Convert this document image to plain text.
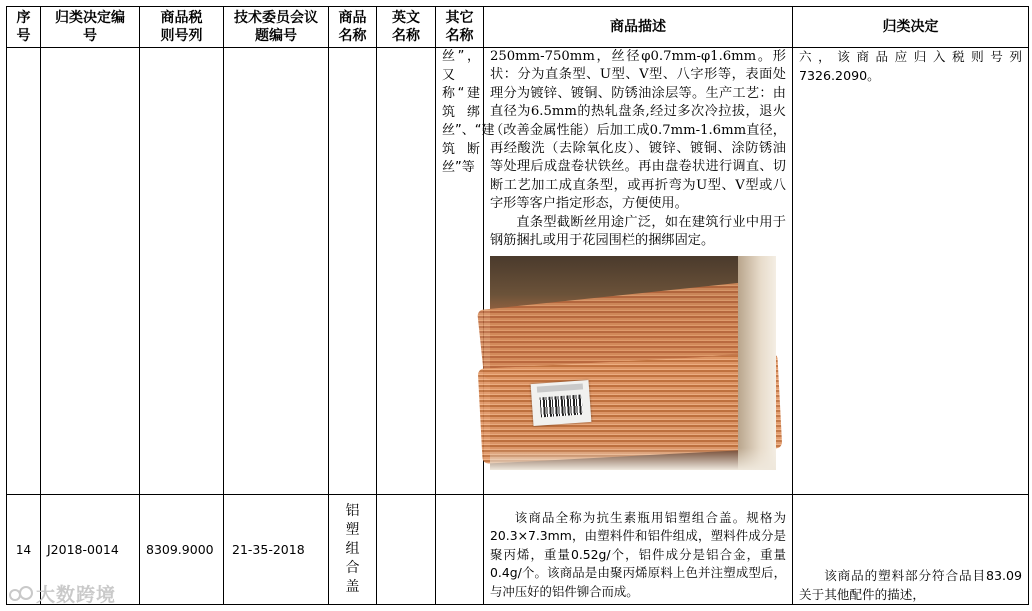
序号	归类决定编号	商品税则号列	技术委员会议题编号	商品名称	英文名称	其它名称	商品描述	归类决定
						丝”，又称“建筑绑丝”、“建筑断丝”等	250mm-750mm，丝径φ0.7mm-φ1.6mm。形状：分为直条型、U型、V型、八字形等，表面处理分为镀锌、镀铜、防锈油涂层等。生产工艺：由直径为6.5mm的热轧盘条,经过多次冷拉拔，退火（改善金属性能）后加工成0.7mm-1.6mm直径，再经酸洗（去除氧化皮）、镀锌、镀铜、涂防锈油等处理后成盘卷状铁丝。再由盘卷状进行调直、切断工艺加工成直条型，或再折弯为U型、V型或八字形等客户指定形态，方便使用。

直条型截断丝用途广泛，如在建筑行业中用于钢筋捆扎或用于花园围栏的捆绑固定。	六，该商品应归入税则号列7326.2090。
14	J2018-0014	8309.9000	21-35-2018	铝塑组合盖			该商品全称为抗生素瓶用铝塑组合盖。规格为20.3×7.3mm，由塑料件和铝件组成，塑料件成分是聚丙烯，重量0.52g/个，铝件成分是铝合金，重量0.4g/个。该商品是由聚丙烯原料上色并注塑成型后，与冲压好的铝件铆合而成。	该商品的塑料部分符合品目83.09关于其他配件的描述，

大数跨境
